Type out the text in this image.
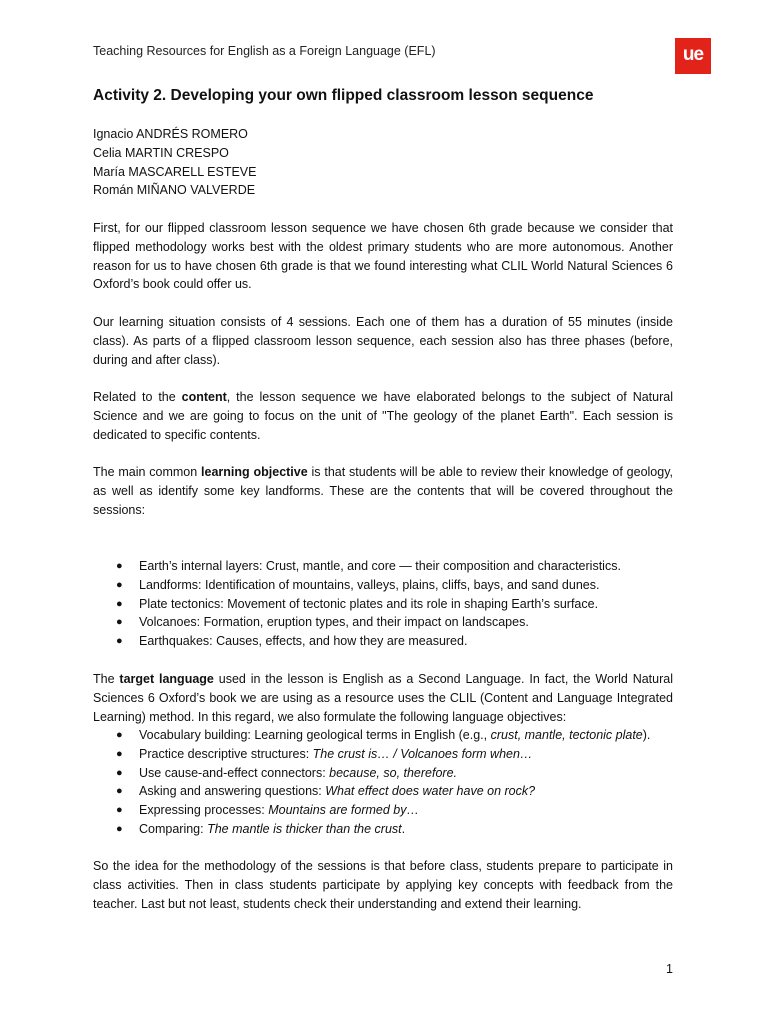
Teaching Resources for English as a Foreign Language (EFL)	ue
Activity 2. Developing your own flipped classroom lesson sequence
Ignacio ANDRÉS ROMERO
Celia MARTIN CRESPO
María MASCARELL ESTEVE
Román MIÑANO VALVERDE

First, for our flipped classroom lesson sequence we have chosen 6th grade because we consider that flipped methodology works best with the oldest primary students who are more autonomous. Another reason for us to have chosen 6th grade is that we found interesting what CLIL World Natural Sciences 6 Oxford’s book could offer us.

Our learning situation consists of 4 sessions. Each one of them has a duration of 55 minutes (inside class). As parts of a flipped classroom lesson sequence, each session also has three phases (before, during and after class).

Related to the content, the lesson sequence we have elaborated belongs to the subject of Natural Science and we are going to focus on the unit of "The geology of the planet Earth". Each session is dedicated to specific contents.

The main common learning objective is that students will be able to review their knowledge of geology, as well as identify some key landforms. These are the contents that will be covered throughout the sessions:

● Earth’s internal layers: Crust, mantle, and core — their composition and characteristics.
● Landforms: Identification of mountains, valleys, plains, cliffs, bays, and sand dunes.
● Plate tectonics: Movement of tectonic plates and its role in shaping Earth’s surface.
● Volcanoes: Formation, eruption types, and their impact on landscapes.
● Earthquakes: Causes, effects, and how they are measured.

The target language used in the lesson is English as a Second Language. In fact, the World Natural Sciences 6 Oxford’s book we are using as a resource uses the CLIL (Content and Language Integrated Learning) method. In this regard, we also formulate the following language objectives:

● Vocabulary building: Learning geological terms in English (e.g., crust, mantle, tectonic plate).
● Practice descriptive structures: The crust is… / Volcanoes form when…
● Use cause-and-effect connectors: because, so, therefore.
● Asking and answering questions: What effect does water have on rock?
● Expressing processes: Mountains are formed by…
● Comparing: The mantle is thicker than the crust.

So the idea for the methodology of the sessions is that before class, students prepare to participate in class activities. Then in class students participate by applying key concepts with feedback from the teacher. Last but not least, students check their understanding and extend their learning.

1
